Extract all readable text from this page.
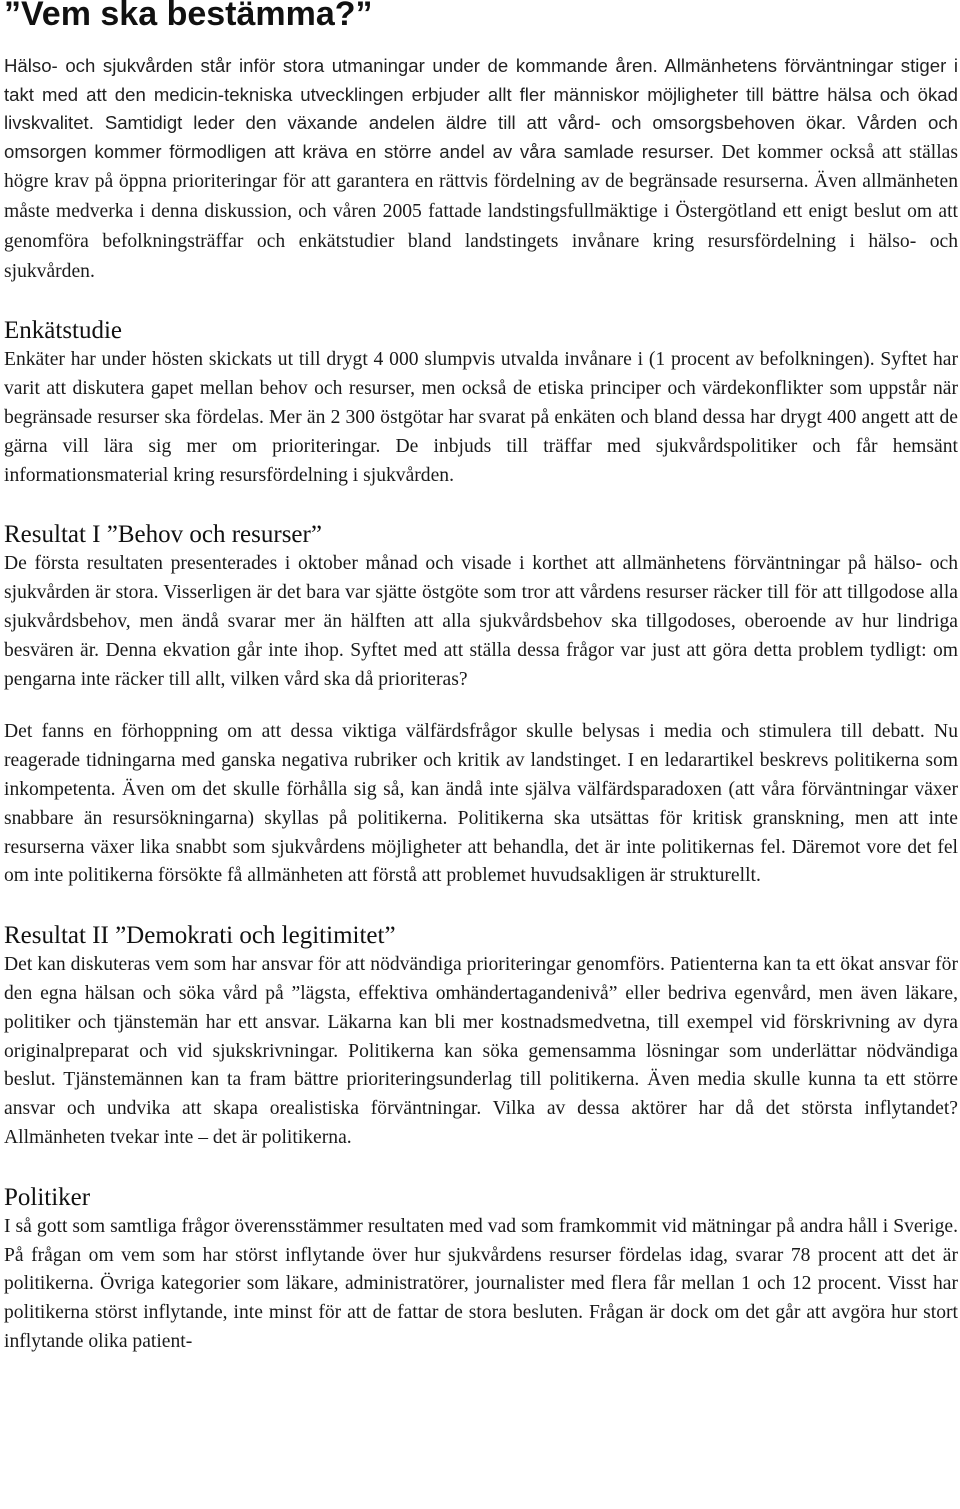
”Vem ska bestämma?”

Hälso- och sjukvården står inför stora utmaningar under de kommande åren. Allmänhetens förväntningar stiger i takt med att den medicin-tekniska utvecklingen erbjuder allt fler människor möjligheter till bättre hälsa och ökad livskvalitet. Samtidigt leder den växande andelen äldre till att vård- och omsorgsbehoven ökar. Vården och omsorgen kommer förmodligen att kräva en större andel av våra samlade resurser. Det kommer också att ställas högre krav på öppna prioriteringar för att garantera en rättvis fördelning av de begränsade resurserna. Även allmänheten måste medverka i denna diskussion, och våren 2005 fattade landstingsfullmäktige i Östergötland ett enigt beslut om att genomföra befolkningsträffar och enkätstudier bland landstingets invånare kring resursfördelning i hälso- och sjukvården.

Enkätstudie

Enkäter har under hösten skickats ut till drygt 4 000 slumpvis utvalda invånare i (1 procent av befolkningen). Syftet har varit att diskutera gapet mellan behov och resurser, men också de etiska principer och värdekonflikter som uppstår när begränsade resurser ska fördelas. Mer än 2 300 östgötar har svarat på enkäten och bland dessa har drygt 400 angett att de gärna vill lära sig mer om prioriteringar. De inbjuds till träffar med sjukvårdspolitiker och får hemsänt informationsmaterial kring resursfördelning i sjukvården.

Resultat I ”Behov och resurser”

De första resultaten presenterades i oktober månad och visade i korthet att allmänhetens förväntningar på hälso- och sjukvården är stora. Visserligen är det bara var sjätte östgöte som tror att vårdens resurser räcker till för att tillgodose alla sjukvårdsbehov, men ändå svarar mer än hälften att alla sjukvårdsbehov ska tillgodoses, oberoende av hur lindriga besvären är. Denna ekvation går inte ihop. Syftet med att ställa dessa frågor var just att göra detta problem tydligt: om pengarna inte räcker till allt, vilken vård ska då prioriteras?

Det fanns en förhoppning om att dessa viktiga välfärdsfrågor skulle belysas i media och stimulera till debatt. Nu reagerade tidningarna med ganska negativa rubriker och kritik av landstinget. I en ledarartikel beskrevs politikerna som inkompetenta. Även om det skulle förhålla sig så, kan ändå inte själva välfärdsparadoxen (att våra förväntningar växer snabbare än resursökningarna) skyllas på politikerna. Politikerna ska utsättas för kritisk granskning, men att inte resurserna växer lika snabbt som sjukvårdens möjligheter att behandla, det är inte politikernas fel. Däremot vore det fel om inte politikerna försökte få allmänheten att förstå att problemet huvudsakligen är strukturellt.

Resultat II ”Demokrati och legitimitet”

Det kan diskuteras vem som har ansvar för att nödvändiga prioriteringar genomförs. Patienterna kan ta ett ökat ansvar för den egna hälsan och söka vård på ”lägsta, effektiva omhändertagandenivå” eller bedriva egenvård, men även läkare, politiker och tjänstemän har ett ansvar. Läkarna kan bli mer kostnadsmedvetna, till exempel vid förskrivning av dyra originalpreparat och vid sjukskrivningar. Politikerna kan söka gemensamma lösningar som underlättar nödvändiga beslut. Tjänstemännen kan ta fram bättre prioriteringsunderlag till politikerna. Även media skulle kunna ta ett större ansvar och undvika att skapa orealistiska förväntningar. Vilka av dessa aktörer har då det största inflytandet? Allmänheten tvekar inte – det är politikerna.

Politiker

I så gott som samtliga frågor överensstämmer resultaten med vad som framkommit vid mätningar på andra håll i Sverige. På frågan om vem som har störst inflytande över hur sjukvårdens resurser fördelas idag, svarar 78 procent att det är politikerna. Övriga kategorier som läkare, administratörer, journalister med flera får mellan 1 och 12 procent. Visst har politikerna störst inflytande, inte minst för att de fattar de stora besluten. Frågan är dock om det går att avgöra hur stort inflytande olika patient-
